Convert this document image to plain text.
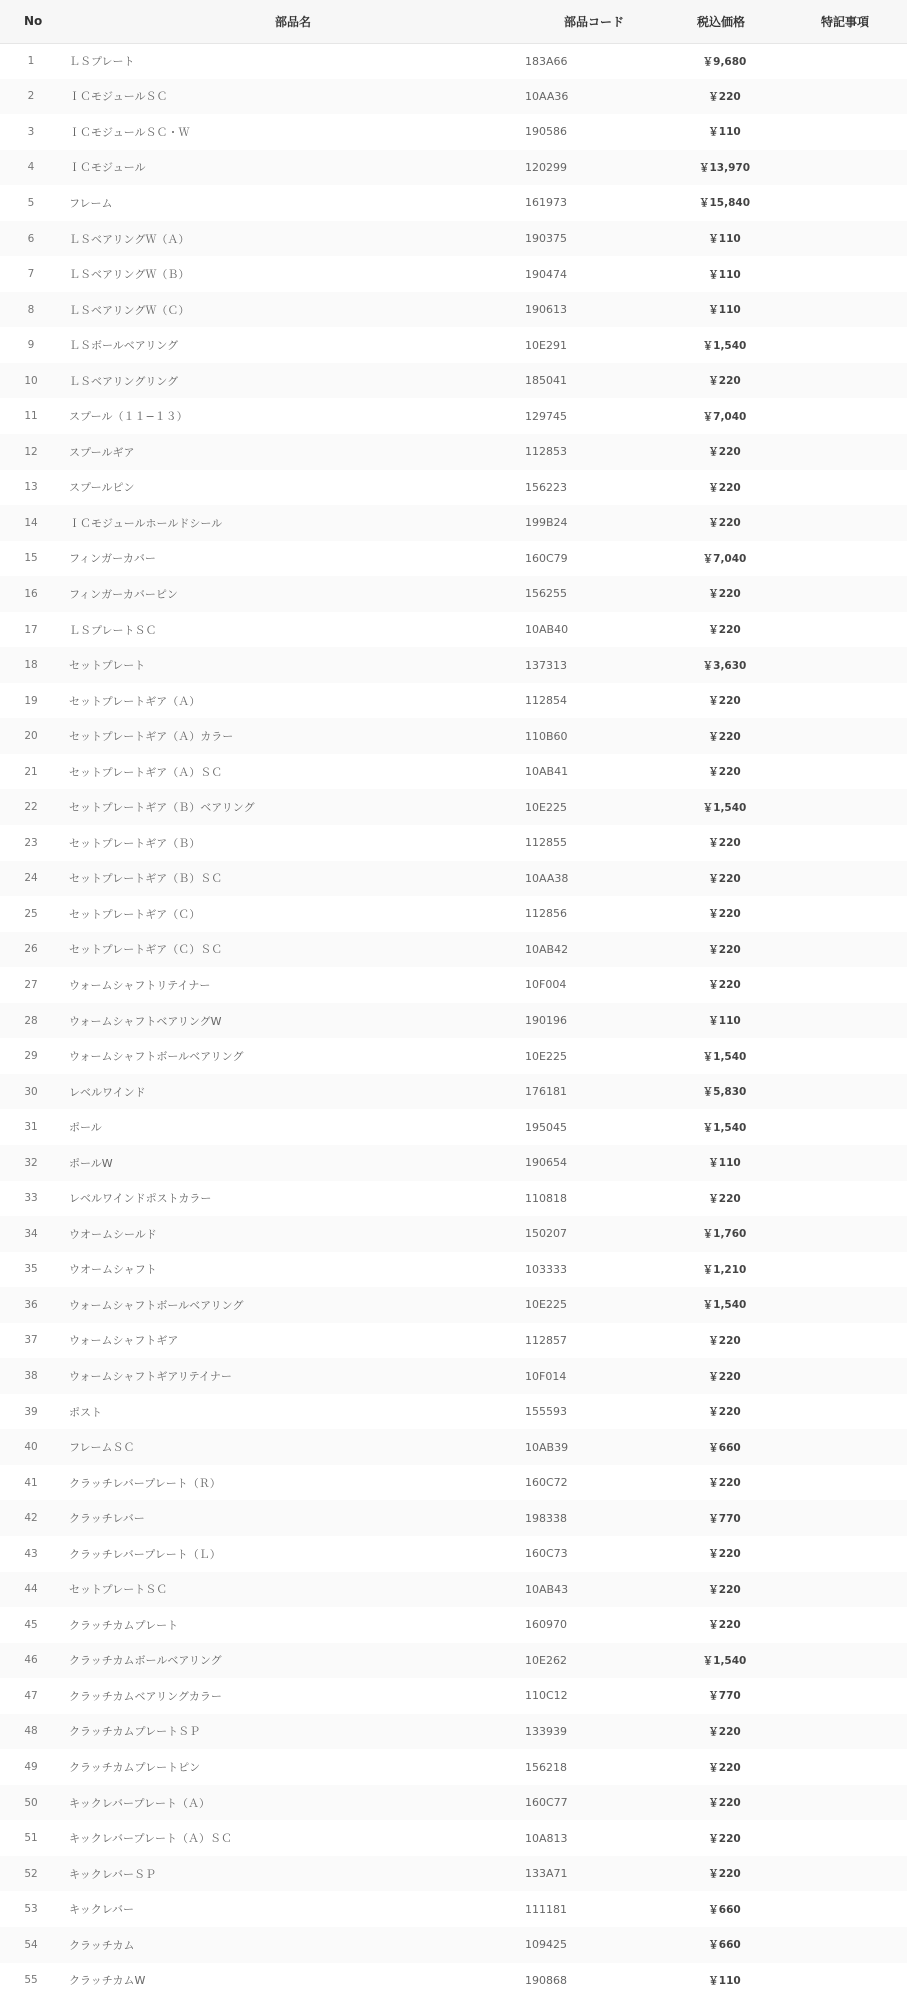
No	部品名	部品コード	税込価格	特記事項
1	ＬＳプレート	183A66	￥9,680	
2	ＩＣモジュールＳＣ	10AA36	￥220	
3	ＩＣモジュールＳＣ・Ｗ	190586	￥110	
4	ＩＣモジュール	120299	￥13,970	
5	フレーム	161973	￥15,840	
6	ＬＳベアリングＷ（Ａ）	190375	￥110	
7	ＬＳベアリングＷ（Ｂ）	190474	￥110	
8	ＬＳベアリングＷ（Ｃ）	190613	￥110	
9	ＬＳボールベアリング	10E291	￥1,540	
10	ＬＳベアリングリング	185041	￥220	
11	スプール（１１−１３）	129745	￥7,040	
12	スプールギア	112853	￥220	
13	スプールピン	156223	￥220	
14	ＩＣモジュールホールドシール	199B24	￥220	
15	フィンガーカバー	160C79	￥7,040	
16	フィンガーカバーピン	156255	￥220	
17	ＬＳプレートＳＣ	10AB40	￥220	
18	セットプレート	137313	￥3,630	
19	セットプレートギア（Ａ）	112854	￥220	
20	セットプレートギア（Ａ）カラー	110B60	￥220	
21	セットプレートギア（Ａ）ＳＣ	10AB41	￥220	
22	セットプレートギア（Ｂ）ベアリング	10E225	￥1,540	
23	セットプレートギア（Ｂ）	112855	￥220	
24	セットプレートギア（Ｂ）ＳＣ	10AA38	￥220	
25	セットプレートギア（Ｃ）	112856	￥220	
26	セットプレートギア（Ｃ）ＳＣ	10AB42	￥220	
27	ウォームシャフトリテイナー	10F004	￥220	
28	ウォームシャフトベアリングW	190196	￥110	
29	ウォームシャフトボールベアリング	10E225	￥1,540	
30	レベルワインド	176181	￥5,830	
31	ポール	195045	￥1,540	
32	ポールW	190654	￥110	
33	レベルワインドポストカラー	110818	￥220	
34	ウオームシールド	150207	￥1,760	
35	ウオームシャフト	103333	￥1,210	
36	ウォームシャフトボールベアリング	10E225	￥1,540	
37	ウォームシャフトギア	112857	￥220	
38	ウォームシャフトギアリテイナー	10F014	￥220	
39	ポスト	155593	￥220	
40	フレームＳＣ	10AB39	￥660	
41	クラッチレバープレート（Ｒ）	160C72	￥220	
42	クラッチレバー	198338	￥770	
43	クラッチレバープレート（Ｌ）	160C73	￥220	
44	セットプレートＳＣ	10AB43	￥220	
45	クラッチカムプレート	160970	￥220	
46	クラッチカムボールベアリング	10E262	￥1,540	
47	クラッチカムベアリングカラー	110C12	￥770	
48	クラッチカムプレートＳＰ	133939	￥220	
49	クラッチカムプレートピン	156218	￥220	
50	キックレバープレート（Ａ）	160C77	￥220	
51	キックレバープレート（Ａ）ＳＣ	10A813	￥220	
52	キックレバーＳＰ	133A71	￥220	
53	キックレバー	111181	￥660	
54	クラッチカム	109425	￥660	
55	クラッチカムW	190868	￥110	
